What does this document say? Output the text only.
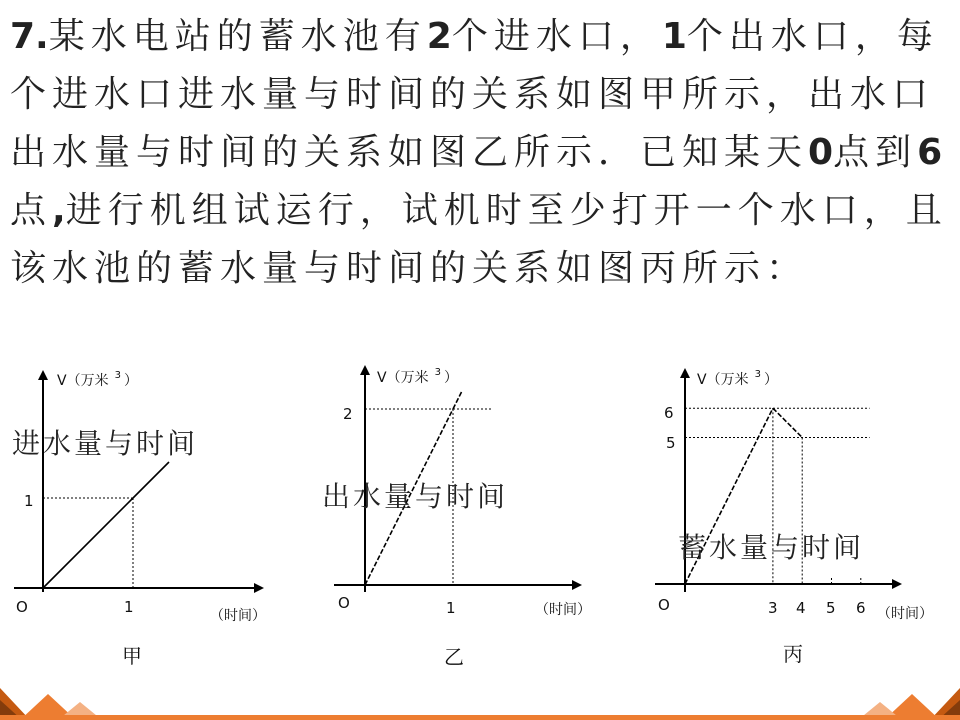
7.某水电站的蓄水池有2个进水口，1个出水口，每个进水口进水量与时间的关系如图甲所示，出水口出水量与时间的关系如图乙所示．已知某天0点到6点,进行机组试运行，试机时至少打开一个水口，且该水池的蓄水量与时间的关系如图丙所示：
V（万米 $^3$ ）
1
O	1	（时间）
进水量与时间
甲
V（万米 $^3$ ）
2
O	1	（时间）
出水量与时间
乙
V（万米 $^3$ ）
6
5
O	3 4 5 6 （时间）
蓄水量与时间
丙
